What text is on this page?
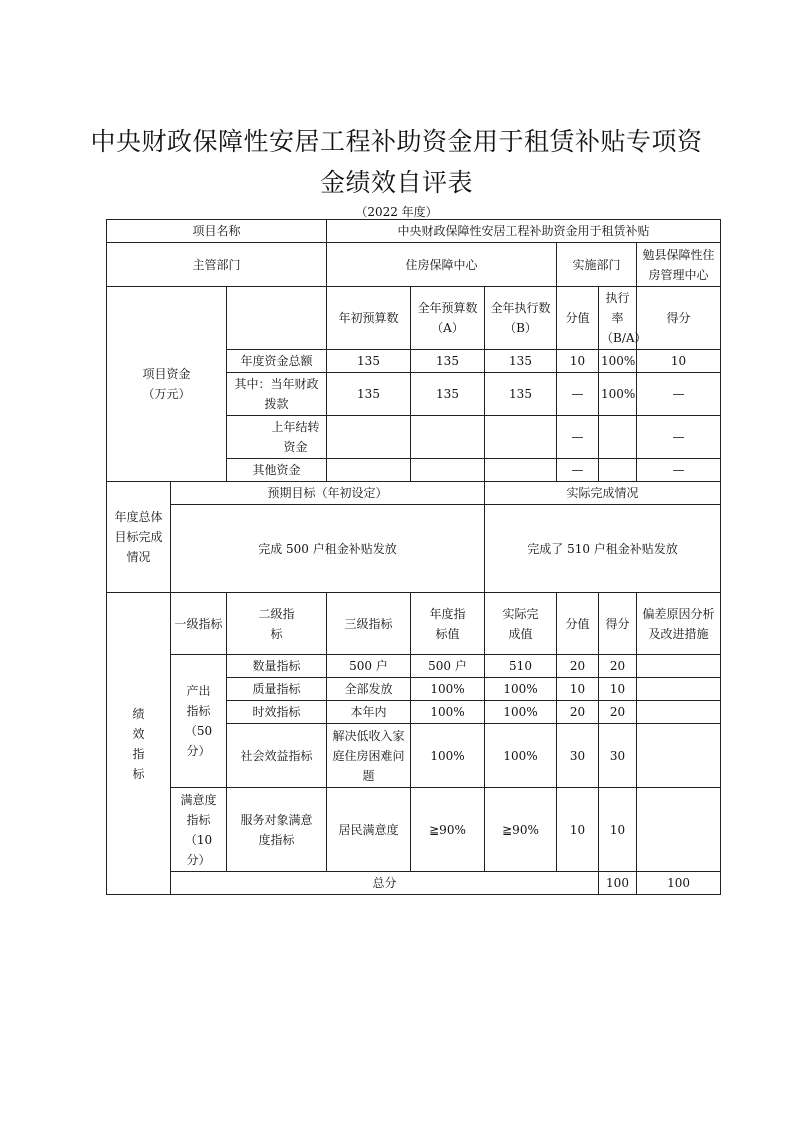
中央财政保障性安居工程补助资金用于租赁补贴专项资
金绩效自评表
（2022 年度）
项目名称			中央财政保障性安居工程补助资金用于租赁补贴						
主管部门			住房保障中心			实施部门		勉县保障性住房管理中心	
项目资金
（万元）			年初预算数	全年预算数（A）	全年执行数（B）	分值	执行率（B/A）	得分	
		年度资金总额	135	135	135	10	100%	10	
		其中：当年财政拨款	135	135	135	—	100%	—	
		上年结转资金				—		—	
		其他资金				—		—	
年度总体目标完成情况	预期目标（年初设定）				实际完成情况				
	完成 500 户租金补贴发放				完成了 510 户租金补贴发放				
绩效指标	一级指标	二级指标	三级指标	年度指标值	实际完成值	分值	得分	偏差原因分析及改进措施	
	产出指标（50分）	数量指标	500 户	500 户	510	20	20		
		质量指标	全部发放	100%	100%	10	10		
		时效指标	本年内	100%	100%	20	20		
		社会效益指标	解决低收入家庭住房困难问题	100%	100%	30	30		
	满意度指标（10分）	服务对象满意度指标	居民满意度	≧90%	≧90%	10	10		
	总分						100	100	
